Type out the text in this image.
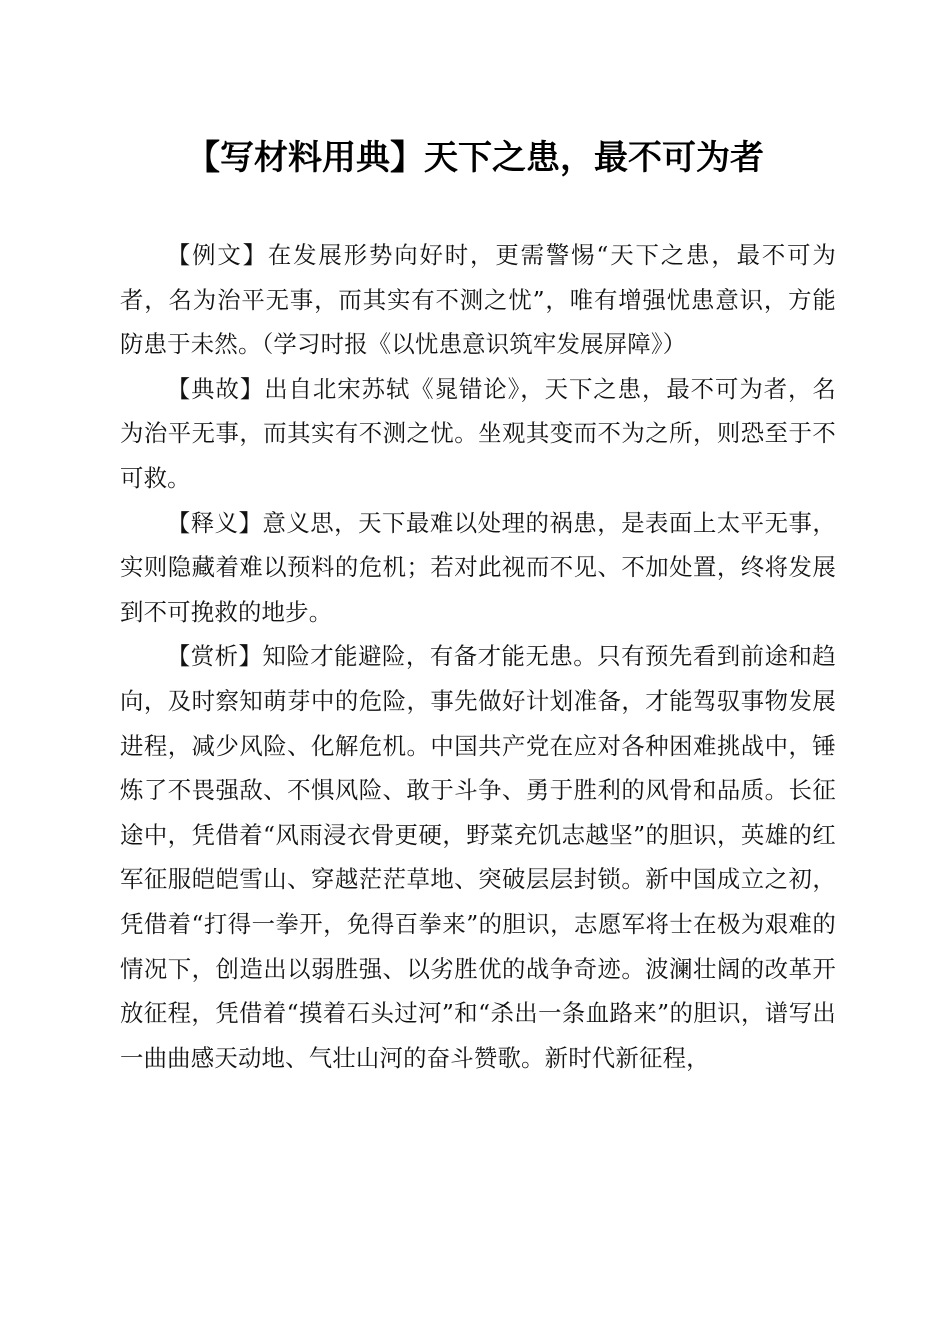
【写材料用典】天下之患，最不可为者

【例文】在发展形势向好时，更需警惕“天下之患，最不可为者，名为治平无事，而其实有不测之忧”，唯有增强忧患意识，方能防患于未然。（学习时报《以忧患意识筑牢发展屏障》）

【典故】出自北宋苏轼《晁错论》，天下之患，最不可为者，名为治平无事，而其实有不测之忧。坐观其变而不为之所，则恐至于不可救。

【释义】意义思，天下最难以处理的祸患，是表面上太平无事，实则隐藏着难以预料的危机；若对此视而不见、不加处置，终将发展到不可挽救的地步。

【赏析】知险才能避险，有备才能无患。只有预先看到前途和趋向，及时察知萌芽中的危险，事先做好计划准备，才能驾驭事物发展进程，减少风险、化解危机。中国共产党在应对各种困难挑战中，锤炼了不畏强敌、不惧风险、敢于斗争、勇于胜利的风骨和品质。长征途中，凭借着“风雨浸衣骨更硬，野菜充饥志越坚”的胆识，英雄的红军征服皑皑雪山、穿越茫茫草地、突破层层封锁。新中国成立之初，凭借着“打得一拳开，免得百拳来”的胆识，志愿军将士在极为艰难的情况下，创造出以弱胜强、以劣胜优的战争奇迹。波澜壮阔的改革开放征程，凭借着“摸着石头过河”和“杀出一条血路来”的胆识，谱写出一曲曲感天动地、气壮山河的奋斗赞歌。新时代新征程，
